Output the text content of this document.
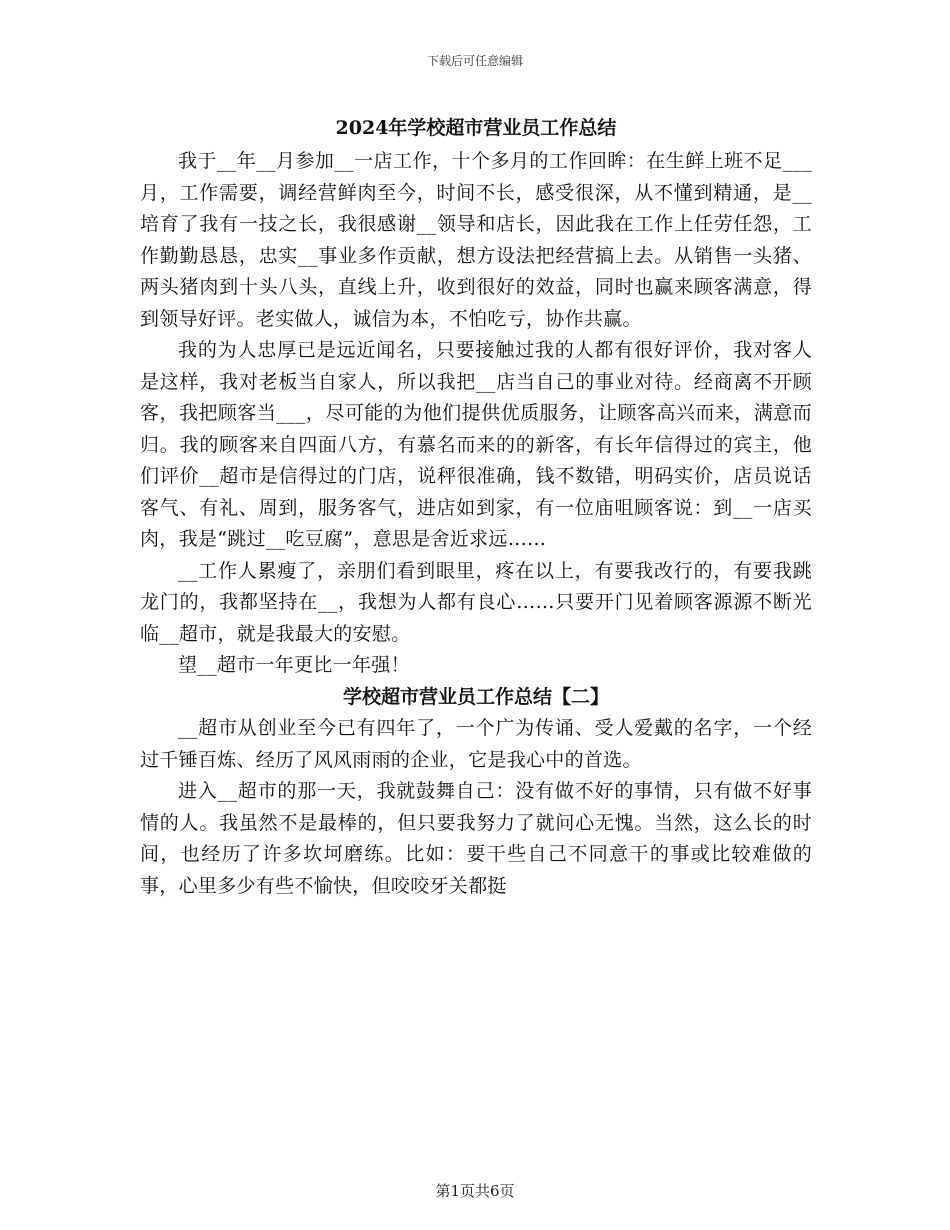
下载后可任意编辑
2024年学校超市营业员工作总结

我于__年__月参加__一店工作，十个多月的工作回眸：在生鲜上班不足___月，工作需要，调经营鲜肉至今，时间不长，感受很深，从不懂到精通，是__培育了我有一技之长，我很感谢__领导和店长，因此我在工作上任劳任怨，工作勤勤恳恳，忠实__事业多作贡献，想方设法把经营搞上去。从销售一头猪、两头猪肉到十头八头，直线上升，收到很好的效益，同时也赢来顾客满意，得到领导好评。老实做人，诚信为本，不怕吃亏，协作共赢。

我的为人忠厚已是远近闻名，只要接触过我的人都有很好评价，我对客人是这样，我对老板当自家人，所以我把__店当自己的事业对待。经商离不开顾客，我把顾客当___，尽可能的为他们提供优质服务，让顾客高兴而来，满意而归。我的顾客来自四面八方，有慕名而来的的新客，有长年信得过的宾主，他们评价__超市是信得过的门店，说秤很准确，钱不数错，明码实价，店员说话客气、有礼、周到，服务客气，进店如到家，有一位庙咀顾客说：到__一店买肉，我是“跳过__吃豆腐”，意思是舍近求远……

__工作人累瘦了，亲朋们看到眼里，疼在以上，有要我改行的，有要我跳龙门的，我都坚持在__，我想为人都有良心……只要开门见着顾客源源不断光临__超市，就是我最大的安慰。

望__超市一年更比一年强！

学校超市营业员工作总结【二】

__超市从创业至今已有四年了，一个广为传诵、受人爱戴的名字，一个经过千锤百炼、经历了风风雨雨的企业，它是我心中的首选。

进入__超市的那一天，我就鼓舞自己：没有做不好的事情，只有做不好事情的人。我虽然不是最棒的，但只要我努力了就问心无愧。当然，这么长的时间，也经历了许多坎坷磨练。比如：要干些自己不同意干的事或比较难做的事，心里多少有些不愉快，但咬咬牙关都挺

第1页共6页
